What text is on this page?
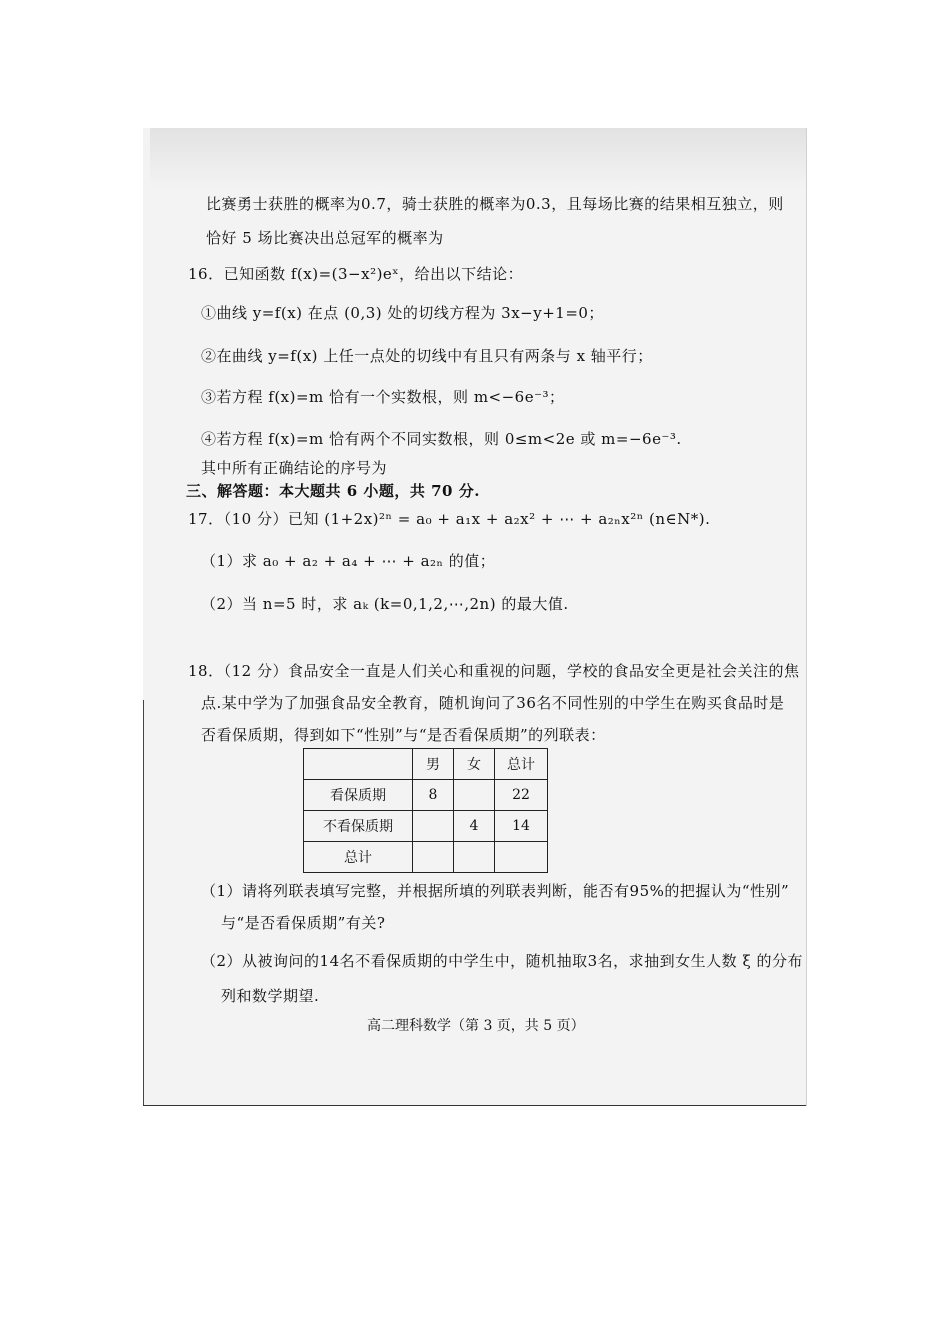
比赛勇士获胜的概率为0.7，骑士获胜的概率为0.3，且每场比赛的结果相互独立，则
恰好 5 场比赛决出总冠军的概率为
16．已知函数 f(x)=(3−x²)eˣ，给出以下结论：
①曲线 y=f(x) 在点 (0,3) 处的切线方程为 3x−y+1=0；
②在曲线 y=f(x) 上任一点处的切线中有且只有两条与 x 轴平行；
③若方程 f(x)=m 恰有一个实数根，则 m<−6e⁻³；
④若方程 f(x)=m 恰有两个不同实数根，则 0≤m<2e 或 m=−6e⁻³.
其中所有正确结论的序号为
三、解答题：本大题共 6 小题，共 70 分.
17．（10 分）已知 (1+2x)²ⁿ = a₀ + a₁x + a₂x² + ⋯ + a₂ₙx²ⁿ (n∈N*).
（1）求 a₀ + a₂ + a₄ + ⋯ + a₂ₙ 的值；
（2）当 n=5 时，求 aₖ (k=0,1,2,⋯,2n) 的最大值.
18．（12 分）食品安全一直是人们关心和重视的问题，学校的食品安全更是社会关注的焦
点.某中学为了加强食品安全教育，随机询问了36名不同性别的中学生在购买食品时是
否看保质期，得到如下“性别”与“是否看保质期”的列联表：
	男	女	总计
看保质期	8		22
不看保质期		4	14
总计			
（1）请将列联表填写完整，并根据所填的列联表判断，能否有95%的把握认为“性别”
与“是否看保质期”有关?
（2）从被询问的14名不看保质期的中学生中，随机抽取3名，求抽到女生人数 ξ 的分布
列和数学期望.
高二理科数学（第 3 页，共 5 页）
